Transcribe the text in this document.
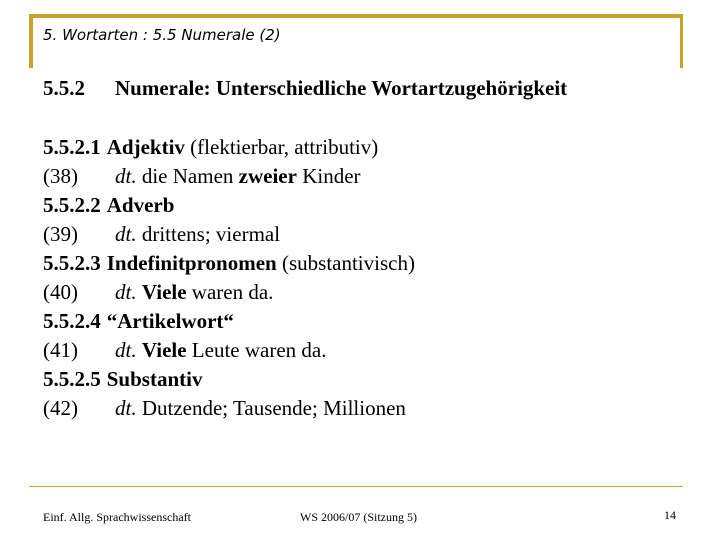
5. Wortarten : 5.5 Numerale (2)
5.5.2 Numerale: Unterschiedliche Wortartzugehörigkeit
5.5.2.1 Adjektiv (flektierbar, attributiv)
(38) dt. die Namen zweier Kinder
5.5.2.2 Adverb
(39) dt. drittens; viermal
5.5.2.3 Indefinitpronomen (substantivisch)
(40) dt. Viele waren da.
5.5.2.4 “Artikelwort“
(41) dt. Viele Leute waren da.
5.5.2.5 Substantiv
(42) dt. Dutzende; Tausende; Millionen
Einf. Allg. Sprachwissenschaft	WS 2006/07 (Sitzung 5)	14
